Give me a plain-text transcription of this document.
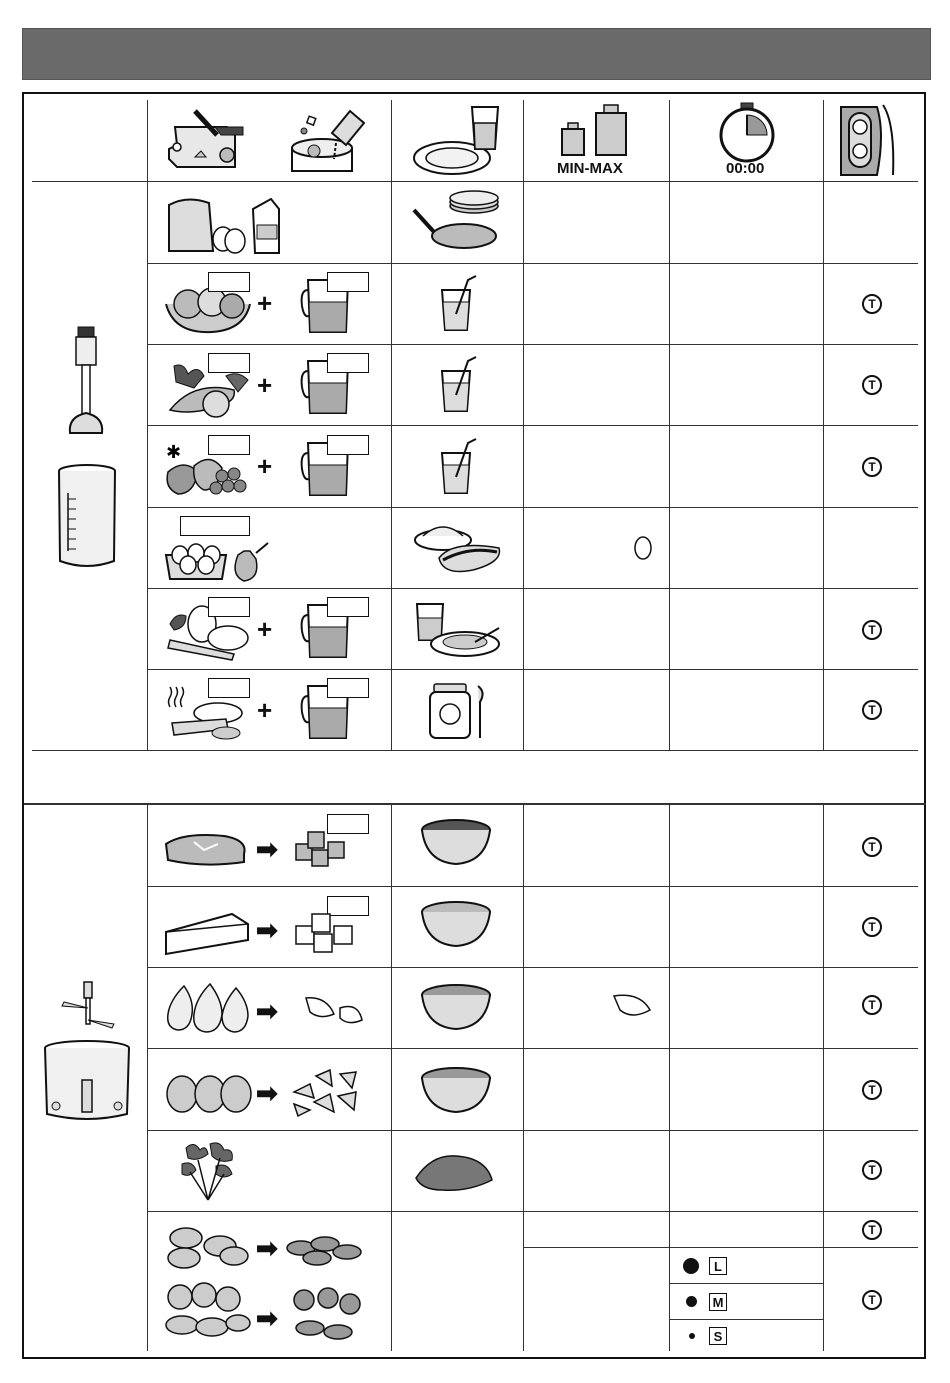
MIN-MAX	00:00
+
+
✱	+
+
+
T
T
T
T
T
➡
➡
➡
➡
➡
➡
T
T
T
T
T
T
T
L
M
S
